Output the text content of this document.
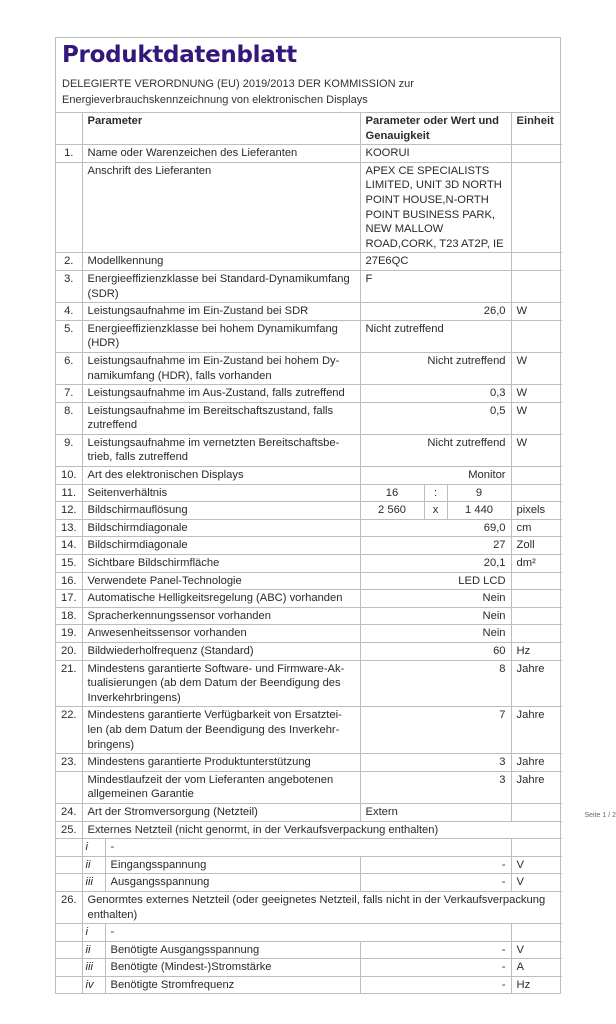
Produktdatenblatt
DELEGIERTE VERORDNUNG (EU) 2019/2013 DER KOMMISSION zur
Energieverbrauchskennzeichnung von elektronischen Displays
	Parameter		Parameter oder Wert und Genauigkeit			Einheit
1.	Name oder Warenzeichen des Lieferanten		KOORUI			
	Anschrift des Lieferanten		APEX CE SPECIALISTS LIMITED, UNIT 3D NORTH POINT HOUSE,N-ORTH POINT BUSINESS PARK, NEW MALLOW ROAD,CORK, T23 AT2P, IE			
2.	Modellkennung		27E6QC			
3.	Energieeffizienzklasse bei Standard-Dynamikumfang (SDR)		F			
4.	Leistungsaufnahme im Ein-Zustand bei SDR		26,0			W
5.	Energieeffizienzklasse bei hohem Dynamikumfang (HDR)		Nicht zutreffend			
6.	Leistungsaufnahme im Ein-Zustand bei hohem Dy-namikumfang (HDR), falls vorhanden		Nicht zutreffend			W
7.	Leistungsaufnahme im Aus-Zustand, falls zutreffend		0,3			W
8.	Leistungsaufnahme im Bereitschaftszustand, falls zutreffend		0,5			W
9.	Leistungsaufnahme im vernetzten Bereitschaftsbe-trieb, falls zutreffend		Nicht zutreffend			W
10.	Art des elektronischen Displays		Monitor			
11.	Seitenverhältnis		16	:	9	
12.	Bildschirmauflösung		2 560	x	1 440	pixels
13.	Bildschirmdiagonale		69,0			cm
14.	Bildschirmdiagonale		27			Zoll
15.	Sichtbare Bildschirmfläche		20,1			dm²
16.	Verwendete Panel-Technologie		LED LCD			
17.	Automatische Helligkeitsregelung (ABC) vorhanden		Nein			
18.	Spracherkennungssensor vorhanden		Nein			
19.	Anwesenheitssensor vorhanden		Nein			
20.	Bildwiederholfrequenz (Standard)		60			Hz
21.	Mindestens garantierte Software- und Firmware-Ak-tualisierungen (ab dem Datum der Beendigung des Inverkehrbringens)		8			Jahre
22.	Mindestens garantierte Verfügbarkeit von Ersatztei-len (ab dem Datum der Beendigung des Inverkehr-bringens)		7			Jahre
23.	Mindestens garantierte Produktunterstützung		3			Jahre
	Mindestlaufzeit der vom Lieferanten angebotenen allgemeinen Garantie		3			Jahre
24.	Art der Stromversorgung (Netzteil)		Extern			
25.	Externes Netzteil (nicht genormt, in der Verkaufsverpackung enthalten)					
	i	-				
	ii	Eingangsspannung	-			V
	iii	Ausgangsspannung	-			V
26.	Genormtes externes Netzteil (oder geeignetes Netzteil, falls nicht in der Verkaufsverpackung enthalten)					
	i	-				
	ii	Benötigte Ausgangsspannung	-			V
	iii	Benötigte (Mindest-)Stromstärke	-			A
	iv	Benötigte Stromfrequenz	-			Hz
Seite 1 / 2
